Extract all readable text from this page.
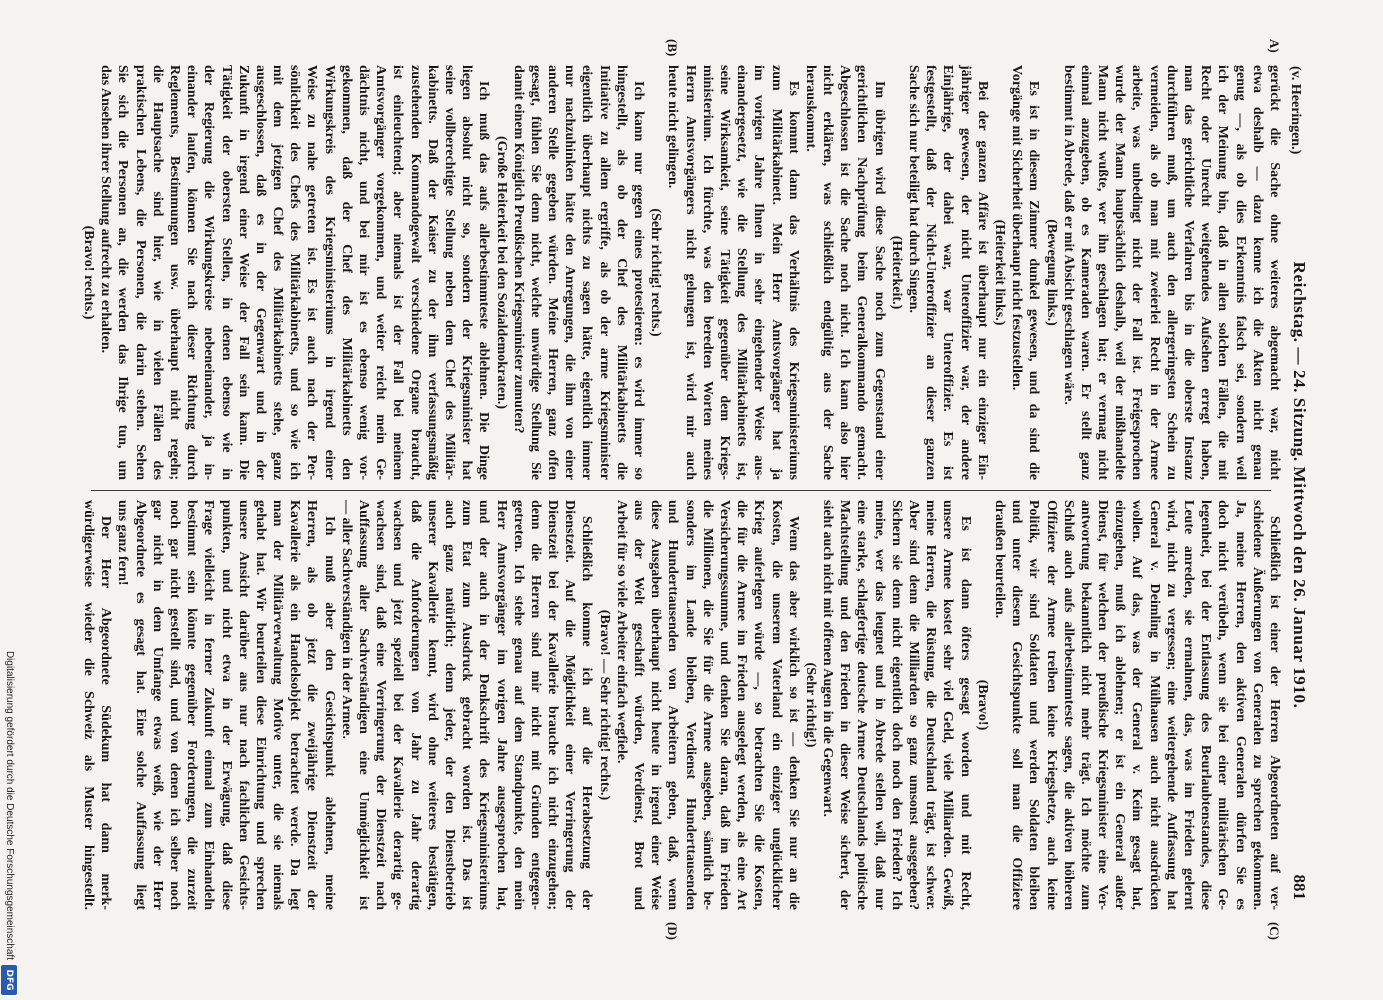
(v. Heeringen.)
Reichstag. — 24. Sitzung. Mittwoch den 26. Januar 1910.
881
gerückt die Sache ohne weiteres abgemacht war, nicht
A)
etwa deshalb — dazu kenne ich die Akten nicht genau
genug —, als ob dies Erkenntnis falsch sei, sondern weil
ich der Meinung bin, daß in allen solchen Fällen, die mit
Recht oder Unrecht weitgehendes Aufsehen erregt haben,
man das gerichtliche Verfahren bis in die oberste Instanz
durchführen muß, um auch den allergeringsten Schein zu
vermeiden, als ob man mit zweierlei Recht in der Armee
arbeite, was unbedingt nicht der Fall ist. Freigesprochen
wurde der Mann hauptsächlich deshalb, weil der mißhandelte
Mann nicht wußte, wer ihn geschlagen hat; er vermag nicht
einmal anzugeben, ob es Kameraden waren. Er stellt ganz
bestimmt in Abrede, daß er mit Absicht geschlagen wäre.
(Bewegung links.)
Es ist in diesem Zimmer dunkel gewesen, und da sind die
Vorgänge mit Sicherheit überhaupt nicht festzustellen.
(Heiterkeit links.)
Bei der ganzen Affäre ist überhaupt nur ein einziger Ein-
jähriger gewesen, der nicht Unteroffizier war, der andere
Einjährige, der dabei war, war Unteroffizier. Es ist
festgestellt, daß der Nicht-Unteroffizier an dieser ganzen
Sache sich nur beteiligt hat durch Singen.
(Heiterkeit.)
Im übrigen wird diese Sache noch zum Gegenstand einer
gerichtlichen Nachprüfung beim Generalkommando gemacht.
Abgeschlossen ist die Sache noch nicht. Ich kann also hier
nicht erklären, was schließlich endgültig aus der Sache
herauskommt.
Es kommt dann das Verhältnis des Kriegsministeriums
zum Militärkabinett. Mein Herr Amtsvorgänger hat ja
im vorigen Jahre Ihnen in sehr eingehender Weise aus-
einandergesetzt, wie die Stellung des Militärkabinetts ist,
seine Wirksamkeit, seine Tätigkeit gegenüber dem Kriegs-
ministerium. Ich fürchte, was den beredten Worten meines
Herrn Amtsvorgängers nicht gelungen ist, wird mir auch
heute nicht gelingen.
(B)
(Sehr richtig! rechts.)
Ich kann nur gegen eines protestieren: es wird immer so
hingestellt, als ob der Chef des Militärkabinetts die
Initiative zu allem ergriffe, als ob der arme Kriegsminister
eigentlich überhaupt nichts zu sagen hätte, eigentlich immer
nur nachzuhinken hätte den Anregungen, die ihm von einer
anderen Stelle gegeben würden. Meine Herren, ganz offen
gesagt, fühlen Sie denn nicht, welche unwürdige Stellung Sie
damit einem Königlich Preußischen Kriegsminister zumuten?
(Große Heiterkeit bei den Sozialdemokraten.)
Ich muß das aufs allerbestimmteste ablehnen. Die Dinge
liegen absolut nicht so, sondern der Kriegsminister hat
seine vollberechtigte Stellung neben dem Chef des Militär-
kabinetts. Daß der Kaiser zu der ihm verfassungsmäßig
zustehenden Kommandogewalt verschiedene Organe braucht,
ist einleuchtend; aber niemals ist der Fall bei meinem
Amtsvorgänger vorgekommen, und weiter reicht mein Ge-
dächtnis nicht, und bei mir ist es ebenso wenig vor-
gekommen, daß der Chef des Militärkabinetts den
Wirkungskreis des Kriegsministeriums in irgend einer
Weise zu nahe getreten ist. Es ist auch nach der Per-
sönlichkeit des Chefs des Militärkabinetts, und so wie ich
mit dem jetzigen Chef des Militärkabinetts stehe, ganz
ausgeschlossen, daß es in der Gegenwart und in der
Zukunft in irgend einer Weise der Fall sein kann. Die
Tätigkeit der obersten Stellen, in denen ebenso wie in
der Regierung die Wirkungskreise nebeneinander, ja in-
einander laufen, können Sie nach dieser Richtung durch
Reglements, Bestimmungen usw. überhaupt nicht regeln;
die Hauptsache sind hier, wie in vielen Fällen des
praktischen Lebens, die Personen, die darin stehen. Sehen
Sie sich die Personen an, die werden das Ihrige tun, um
das Ansehen ihrer Stellung aufrecht zu erhalten.
(Bravo! rechts.)
Schließlich ist einer der Herren Abgeordneten auf ver-
(C)
schiedene Äußerungen von Generalen zu sprechen gekommen.
Ja, meine Herren, den aktiven Generalen dürfen Sie es
doch nicht verübeln, wenn sie bei einer militärischen Ge-
legenheit, bei der Entlassung des Beurlaubtenstandes, diese
Leute anreden, sie ermahnen, das, was im Frieden gelernt
wird, nicht zu vergessen; eine weitergehende Auffassung hat
General v. Deimling in Mülhausen auch nicht ausdrücken
wollen. Auf das, was der General v. Keim gesagt hat,
einzugehen, muß ich ablehnen; er ist ein General außer
Dienst, für welchen der preußische Kriegsminister eine Ver-
antwortung bekanntlich nicht mehr trägt. Ich möchte zum
Schluß auch aufs allerbestimmteste sagen, die aktiven höheren
Offiziere der Armee treiben keine Kriegshetze, auch keine
Politik, wir sind Soldaten und werden Soldaten bleiben
und unter diesem Gesichtspunkte soll man die Offiziere
draußen beurteilen.
(Bravo!)
Es ist dann öfters gesagt worden und mit Recht,
unsere Armee kostet sehr viel Geld, viele Milliarden. Gewiß,
meine Herren, die Rüstung, die Deutschland trägt, ist schwer.
Aber sind denn die Milliarden so ganz umsonst ausgegeben?
Sichern sie denn nicht eigentlich doch noch den Frieden? Ich
meine, wer das leugnet und in Abrede stellen will, daß nur
eine starke, schlagfertige deutsche Armee Deutschlands politische
Machtstellung und den Frieden in dieser Weise sichert, der
sieht auch nicht mit offenen Augen in die Gegenwart.
(Sehr richtig!)
Wenn das aber wirklich so ist — denken Sie nur an die
Kosten, die unserem Vaterland ein einziger unglücklicher
Krieg auferlegen würde —, so betrachten Sie die Kosten,
die für die Armee im Frieden ausgelegt werden, als eine Art
Versicherungssumme, und denken Sie daran, daß im Frieden
die Millionen, die Sie für die Armee ausgeben, sämtlich be-
sonders im Lande bleiben, Verdienst Hunderttausenden
und Hunderttausenden von Arbeitern geben, daß, wenn
(D)
diese Ausgaben überhaupt nicht heute in irgend einer Weise
aus der Welt geschafft würden, Verdienst, Brot und
Arbeit für so viele Arbeiter einfach wegfiele.
(Bravo! — Sehr richtig! rechts.)
Schließlich komme ich auf die Herabsetzung der
Dienstzeit. Auf die Möglichkeit einer Verringerung der
Dienstzeit bei der Kavallerie brauche ich nicht einzugehen;
denn die Herren sind mir nicht mit Gründen entgegen-
getreten. Ich stehe genau auf dem Standpunkte, den mein
Herr Amtsvorgänger im vorigen Jahre ausgesprochen hat,
und der auch in der Denkschrift des Kriegsministeriums
zum Etat zum Ausdruck gebracht worden ist. Das ist
auch ganz natürlich; denn jeder, der den Dienstbetrieb
unserer Kavallerie kennt, wird ohne weiteres bestätigen,
daß die Anforderungen von Jahr zu Jahr derartig
wachsen und jetzt speziell bei der Kavallerie derartig ge-
wachsen sind, daß eine Verringerung der Dienstzeit nach
Auffassung aller Sachverständigen eine Unmöglichkeit ist
— aller Sachverständigen in der Armee.
Ich muß aber den Gesichtspunkt ablehnen, meine
Herren, als ob jetzt die zweijährige Dienstzeit der
Kavallerie als ein Handelsobjekt betrachtet werde. Da legt
man der Militärverwaltung Motive unter, die sie niemals
gehabt hat. Wir beurteilen diese Einrichtung und sprechen
unsere Ansicht darüber aus nur nach fachlichen Gesichts-
punkten, und nicht etwa in der Erwägung, daß diese
Frage vielleicht in ferner Zukunft einmal zum Einhandeln
bestimmt sein könnte gegenüber Forderungen, die zurzeit
noch gar nicht gestellt sind, und von denen ich selber noch
gar nicht in dem Umfange etwas weiß, wie der Herr
Abgeordnete es gesagt hat. Eine solche Auffassung liegt
uns ganz fern!
Der Herr Abgeordnete Südekum hat dann merk-
würdigerweise wieder die Schweiz als Muster hingestellt.
Digitalisierung gefördert durch die Deutsche Forschungsgemeinschaft
DFG
